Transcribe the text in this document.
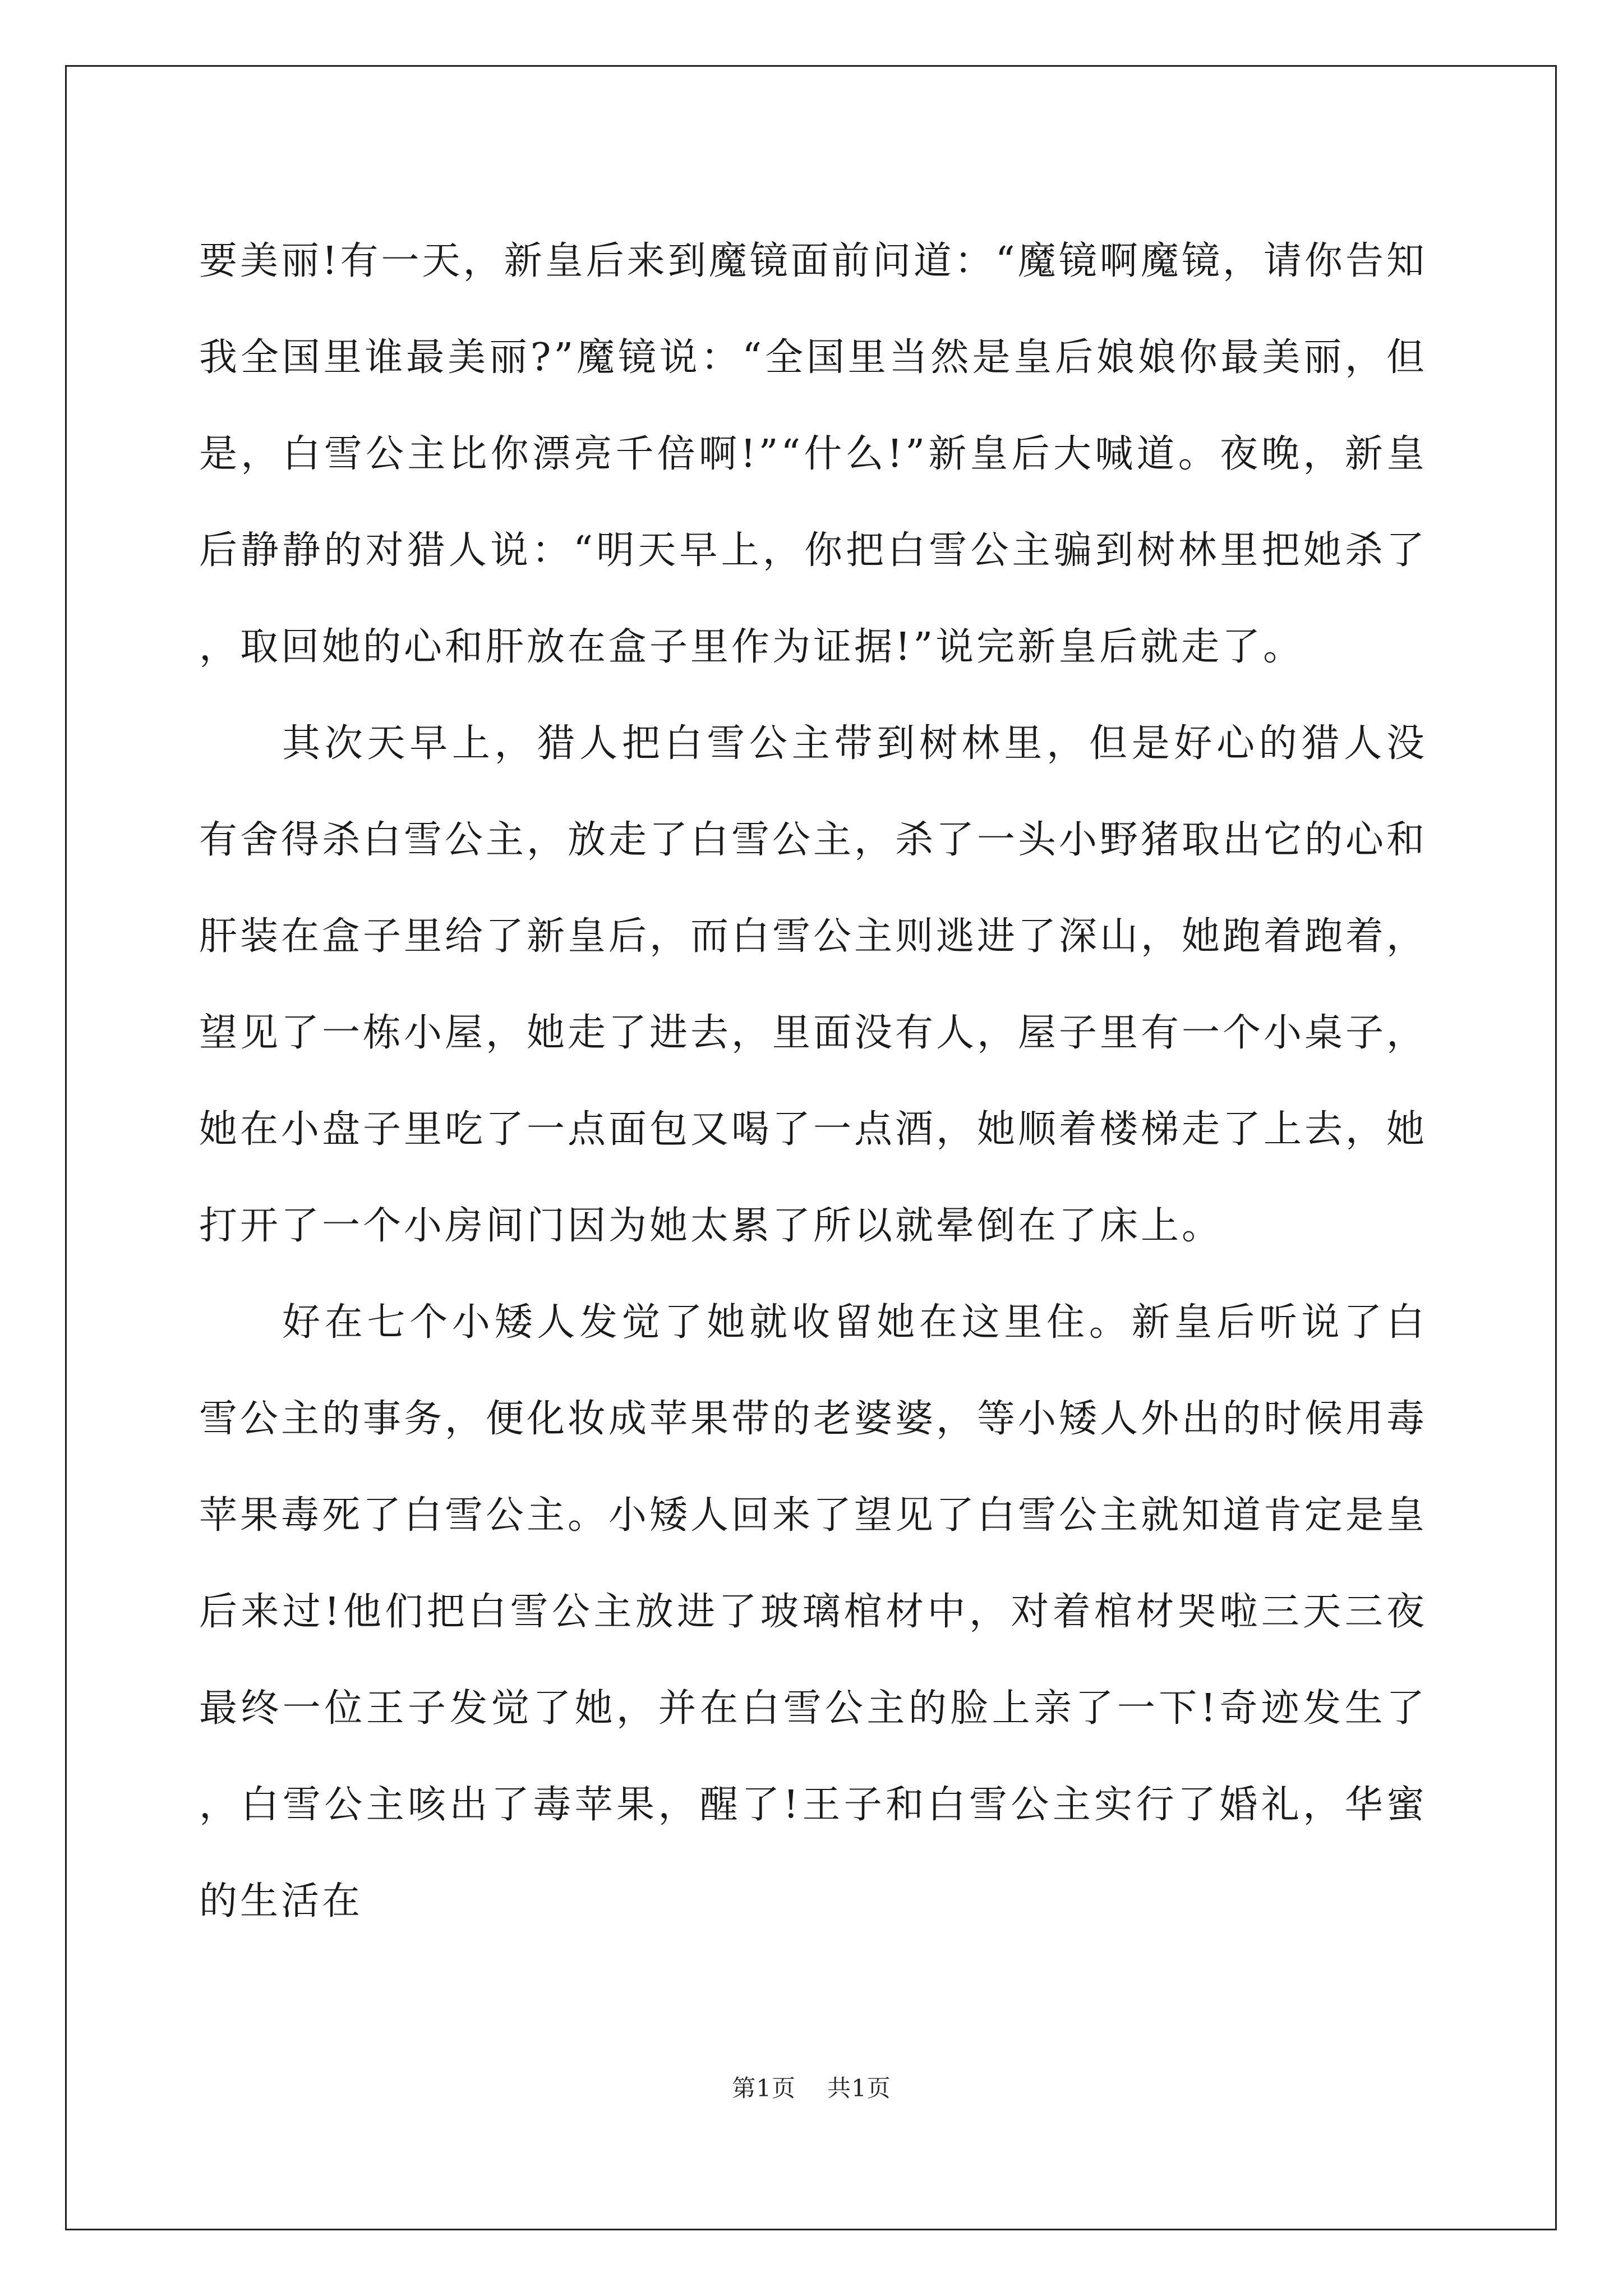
要美丽!有一天，新皇后来到魔镜面前问道：“魔镜啊魔镜，请你告知我全国里谁最美丽?”魔镜说：“全国里当然是皇后娘娘你最美丽，但是，白雪公主比你漂亮千倍啊!”“什么!”新皇后大喊道。夜晚，新皇后静静的对猎人说：“明天早上，你把白雪公主骗到树林里把她杀了，取回她的心和肝放在盒子里作为证据!”说完新皇后就走了。

其次天早上，猎人把白雪公主带到树林里，但是好心的猎人没有舍得杀白雪公主，放走了白雪公主，杀了一头小野猪取出它的心和肝装在盒子里给了新皇后，而白雪公主则逃进了深山，她跑着跑着，望见了一栋小屋，她走了进去，里面没有人，屋子里有一个小桌子，她在小盘子里吃了一点面包又喝了一点酒，她顺着楼梯走了上去，她打开了一个小房间门因为她太累了所以就晕倒在了床上。

好在七个小矮人发觉了她就收留她在这里住。新皇后听说了白雪公主的事务，便化妆成苹果带的老婆婆，等小矮人外出的时候用毒苹果毒死了白雪公主。小矮人回来了望见了白雪公主就知道肯定是皇后来过!他们把白雪公主放进了玻璃棺材中，对着棺材哭啦三天三夜最终一位王子发觉了她，并在白雪公主的脸上亲了一下!奇迹发生了，白雪公主咳出了毒苹果，醒了!王子和白雪公主实行了婚礼，华蜜的生活在

第1页 共1页
